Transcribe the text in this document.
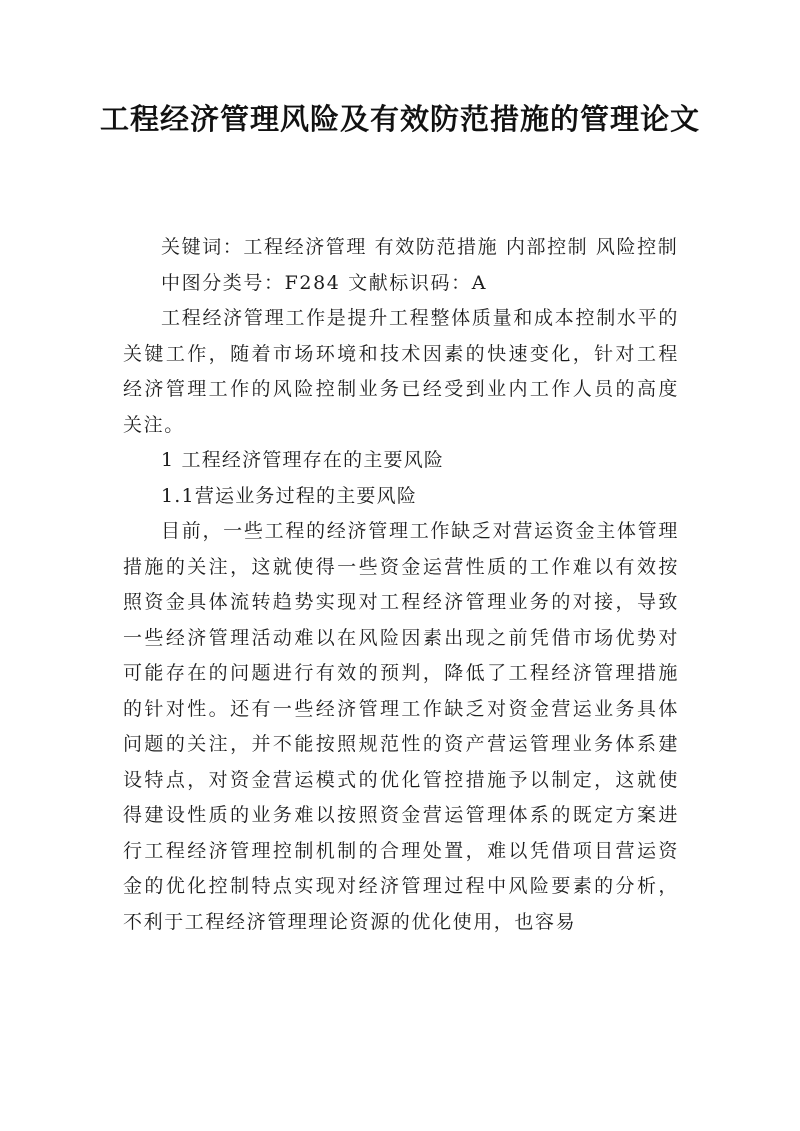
工程经济管理风险及有效防范措施的管理论文

关键词：工程经济管理 有效防范措施 内部控制 风险控制

中图分类号：F284 文献标识码：A

工程经济管理工作是提升工程整体质量和成本控制水平的关键工作，随着市场环境和技术因素的快速变化，针对工程经济管理工作的风险控制业务已经受到业内工作人员的高度关注。

1 工程经济管理存在的主要风险

1.1营运业务过程的主要风险

目前，一些工程的经济管理工作缺乏对营运资金主体管理措施的关注，这就使得一些资金运营性质的工作难以有效按照资金具体流转趋势实现对工程经济管理业务的对接，导致一些经济管理活动难以在风险因素出现之前凭借市场优势对可能存在的问题进行有效的预判，降低了工程经济管理措施的针对性。还有一些经济管理工作缺乏对资金营运业务具体问题的关注，并不能按照规范性的资产营运管理业务体系建设特点，对资金营运模式的优化管控措施予以制定，这就使得建设性质的业务难以按照资金营运管理体系的既定方案进行工程经济管理控制机制的合理处置，难以凭借项目营运资金的优化控制特点实现对经济管理过程中风险要素的分析，不利于工程经济管理理论资源的优化使用，也容易
